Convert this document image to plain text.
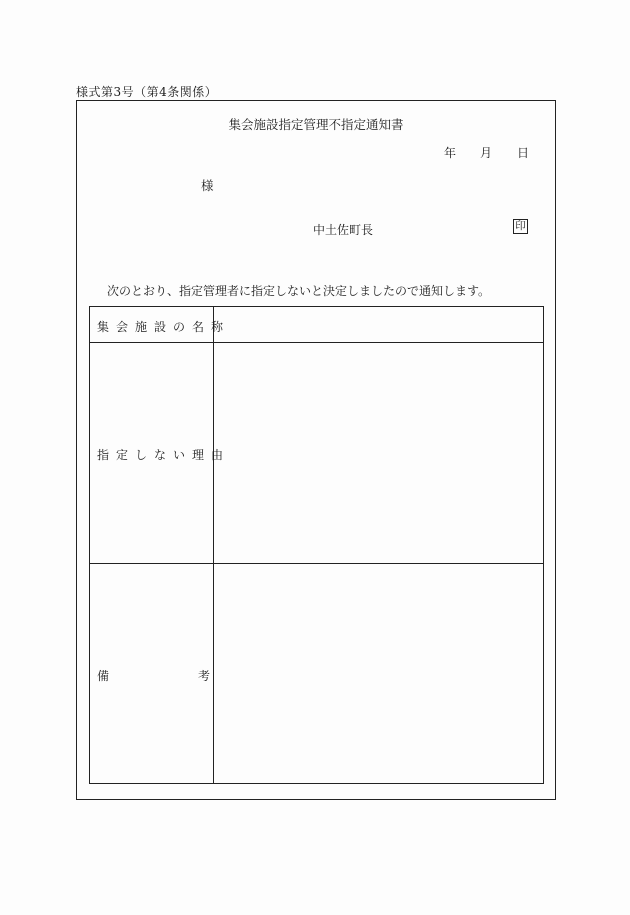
様式第3号（第4条関係）
集会施設指定管理不指定通知書
年 月 日
様
中土佐町長	印
次のとおり、指定管理者に指定しないと決定しましたので通知します。
集会施設の名称
指定しない理由
備	考
